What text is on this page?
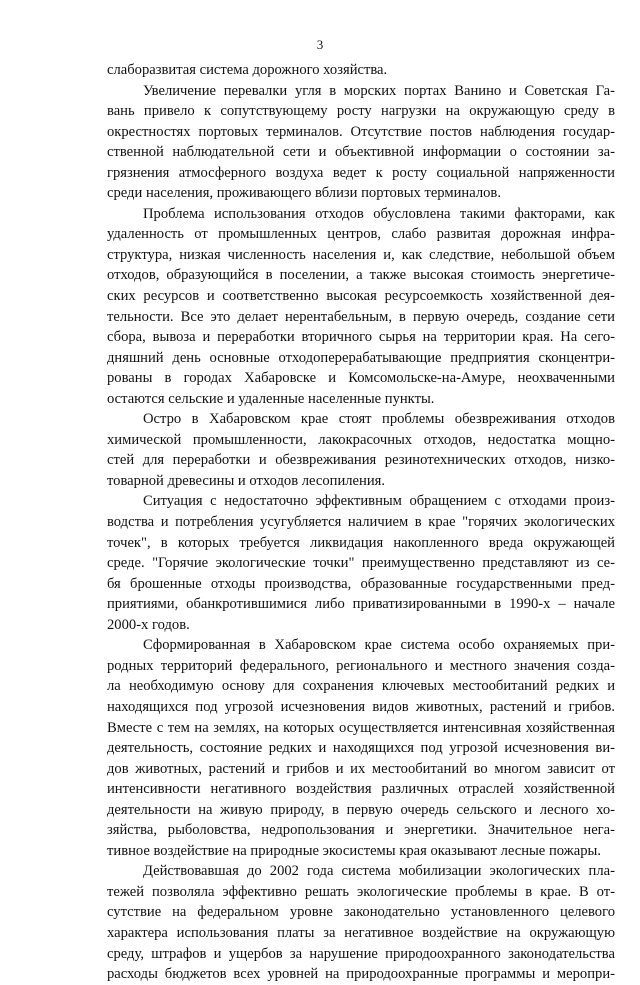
3
слаборазвитая система дорожного хозяйства.
Увеличение перевалки угля в морских портах Ванино и Советская Га-
вань привело к сопутствующему росту нагрузки на окружающую среду в
окрестностях портовых терминалов. Отсутствие постов наблюдения государ-
ственной наблюдательной сети и объективной информации о состоянии за-
грязнения атмосферного воздуха ведет к росту социальной напряженности
среди населения, проживающего вблизи портовых терминалов.
Проблема использования отходов обусловлена такими факторами, как
удаленность от промышленных центров, слабо развитая дорожная инфра-
структура, низкая численность населения и, как следствие, небольшой объем
отходов, образующийся в поселении, а также высокая стоимость энергетиче-
ских ресурсов и соответственно высокая ресурсоемкость хозяйственной дея-
тельности. Все это делает нерентабельным, в первую очередь, создание сети
сбора, вывоза и переработки вторичного сырья на территории края. На сего-
дняшний день основные отходоперерабатывающие предприятия сконцентри-
рованы в городах Хабаровске и Комсомольске-на-Амуре, неохваченными
остаются сельские и удаленные населенные пункты.
Остро в Хабаровском крае стоят проблемы обезвреживания отходов
химической промышленности, лакокрасочных отходов, недостатка мощно-
стей для переработки и обезвреживания резинотехнических отходов, низко-
товарной древесины и отходов лесопиления.
Ситуация с недостаточно эффективным обращением с отходами произ-
водства и потребления усугубляется наличием в крае "горячих экологических
точек", в которых требуется ликвидация накопленного вреда окружающей
среде. "Горячие экологические точки" преимущественно представляют из се-
бя брошенные отходы производства, образованные государственными пред-
приятиями, обанкротившимися либо приватизированными в 1990-х – начале
2000-х годов.
Сформированная в Хабаровском крае система особо охраняемых при-
родных территорий федерального, регионального и местного значения созда-
ла необходимую основу для сохранения ключевых местообитаний редких и
находящихся под угрозой исчезновения видов животных, растений и грибов.
Вместе с тем на землях, на которых осуществляется интенсивная хозяйственная
деятельность, состояние редких и находящихся под угрозой исчезновения ви-
дов животных, растений и грибов и их местообитаний во многом зависит от
интенсивности негативного воздействия различных отраслей хозяйственной
деятельности на живую природу, в первую очередь сельского и лесного хо-
зяйства, рыболовства, недропользования и энергетики. Значительное нега-
тивное воздействие на природные экосистемы края оказывают лесные пожары.
Действовавшая до 2002 года система мобилизации экологических пла-
тежей позволяла эффективно решать экологические проблемы в крае. В от-
сутствие на федеральном уровне законодательно установленного целевого
характера использования платы за негативное воздействие на окружающую
среду, штрафов и ущербов за нарушение природоохранного законодательства
расходы бюджетов всех уровней на природоохранные программы и меропри-
